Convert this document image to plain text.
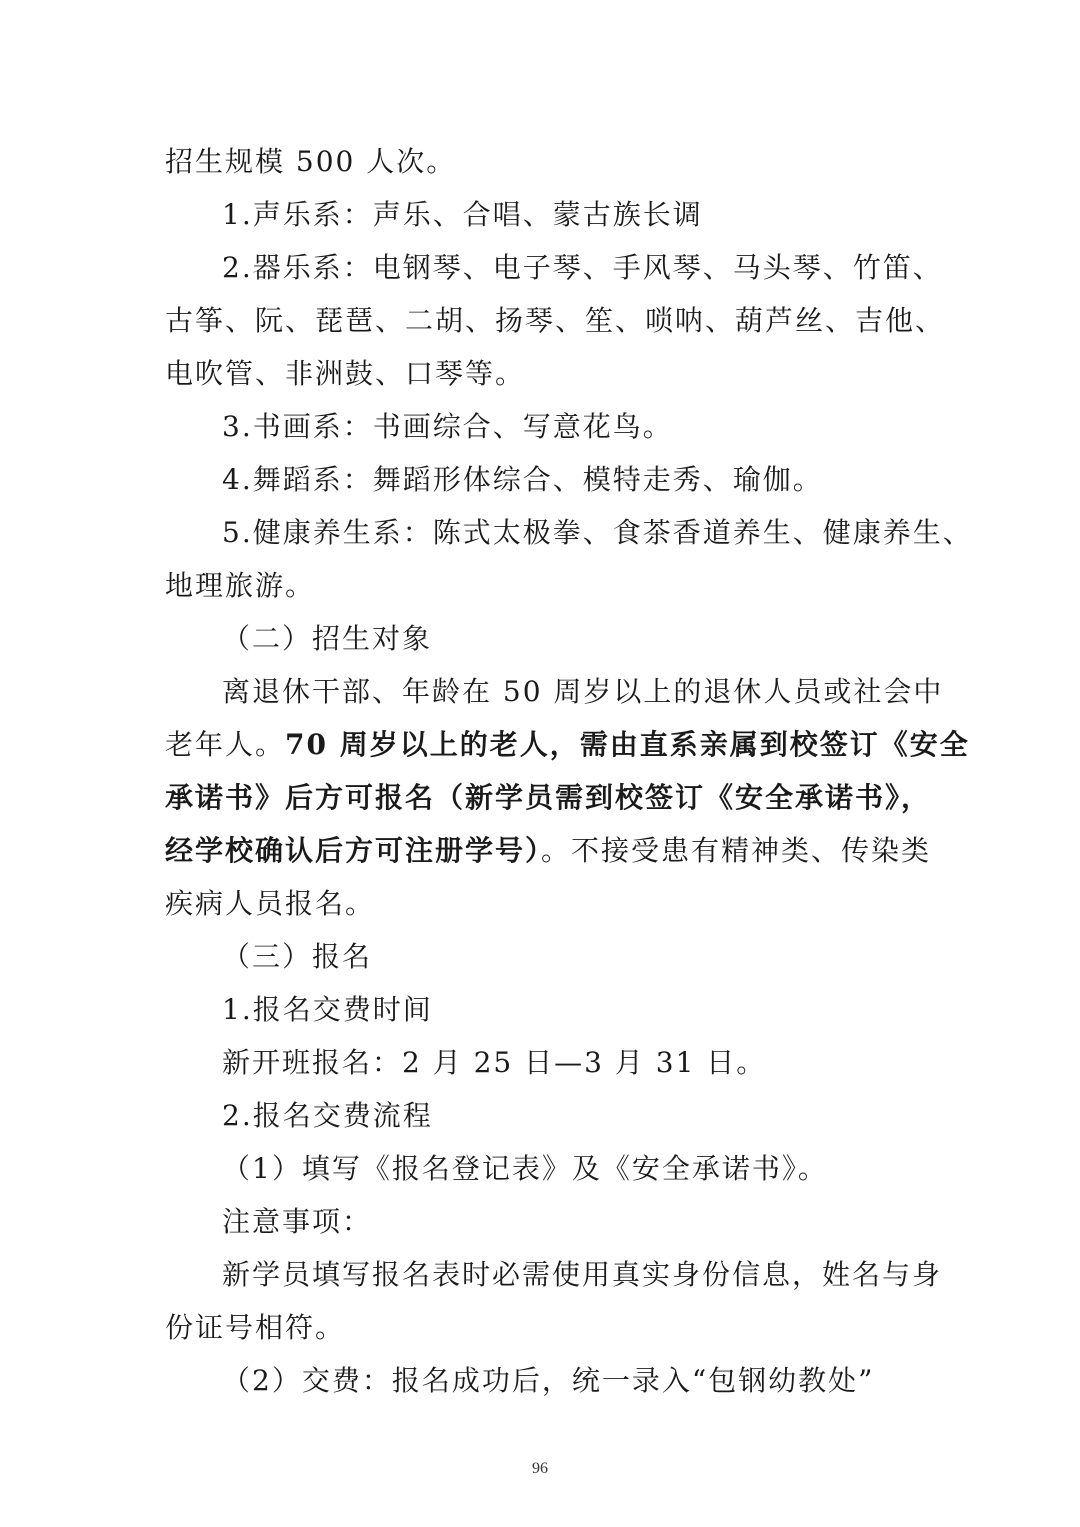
招生规模 500 人次。
1.声乐系：声乐、合唱、蒙古族长调
2.器乐系：电钢琴、电子琴、手风琴、马头琴、竹笛、
古筝、阮、琵琶、二胡、扬琴、笙、唢呐、葫芦丝、吉他、
电吹管、非洲鼓、口琴等。
3.书画系：书画综合、写意花鸟。
4.舞蹈系：舞蹈形体综合、模特走秀、瑜伽。
5.健康养生系：陈式太极拳、食茶香道养生、健康养生、
地理旅游。
（二）招生对象
离退休干部、年龄在 50 周岁以上的退休人员或社会中
老年人。70 周岁以上的老人，需由直系亲属到校签订《安全
承诺书》后方可报名（新学员需到校签订《安全承诺书》，
经学校确认后方可注册学号）。不接受患有精神类、传染类
疾病人员报名。
（三）报名
1.报名交费时间
新开班报名：2 月 25 日—3 月 31 日。
2.报名交费流程
（1）填写《报名登记表》及《安全承诺书》。
注意事项：
新学员填写报名表时必需使用真实身份信息，姓名与身
份证号相符。
（2）交费：报名成功后，统一录入“包钢幼教处”
96
